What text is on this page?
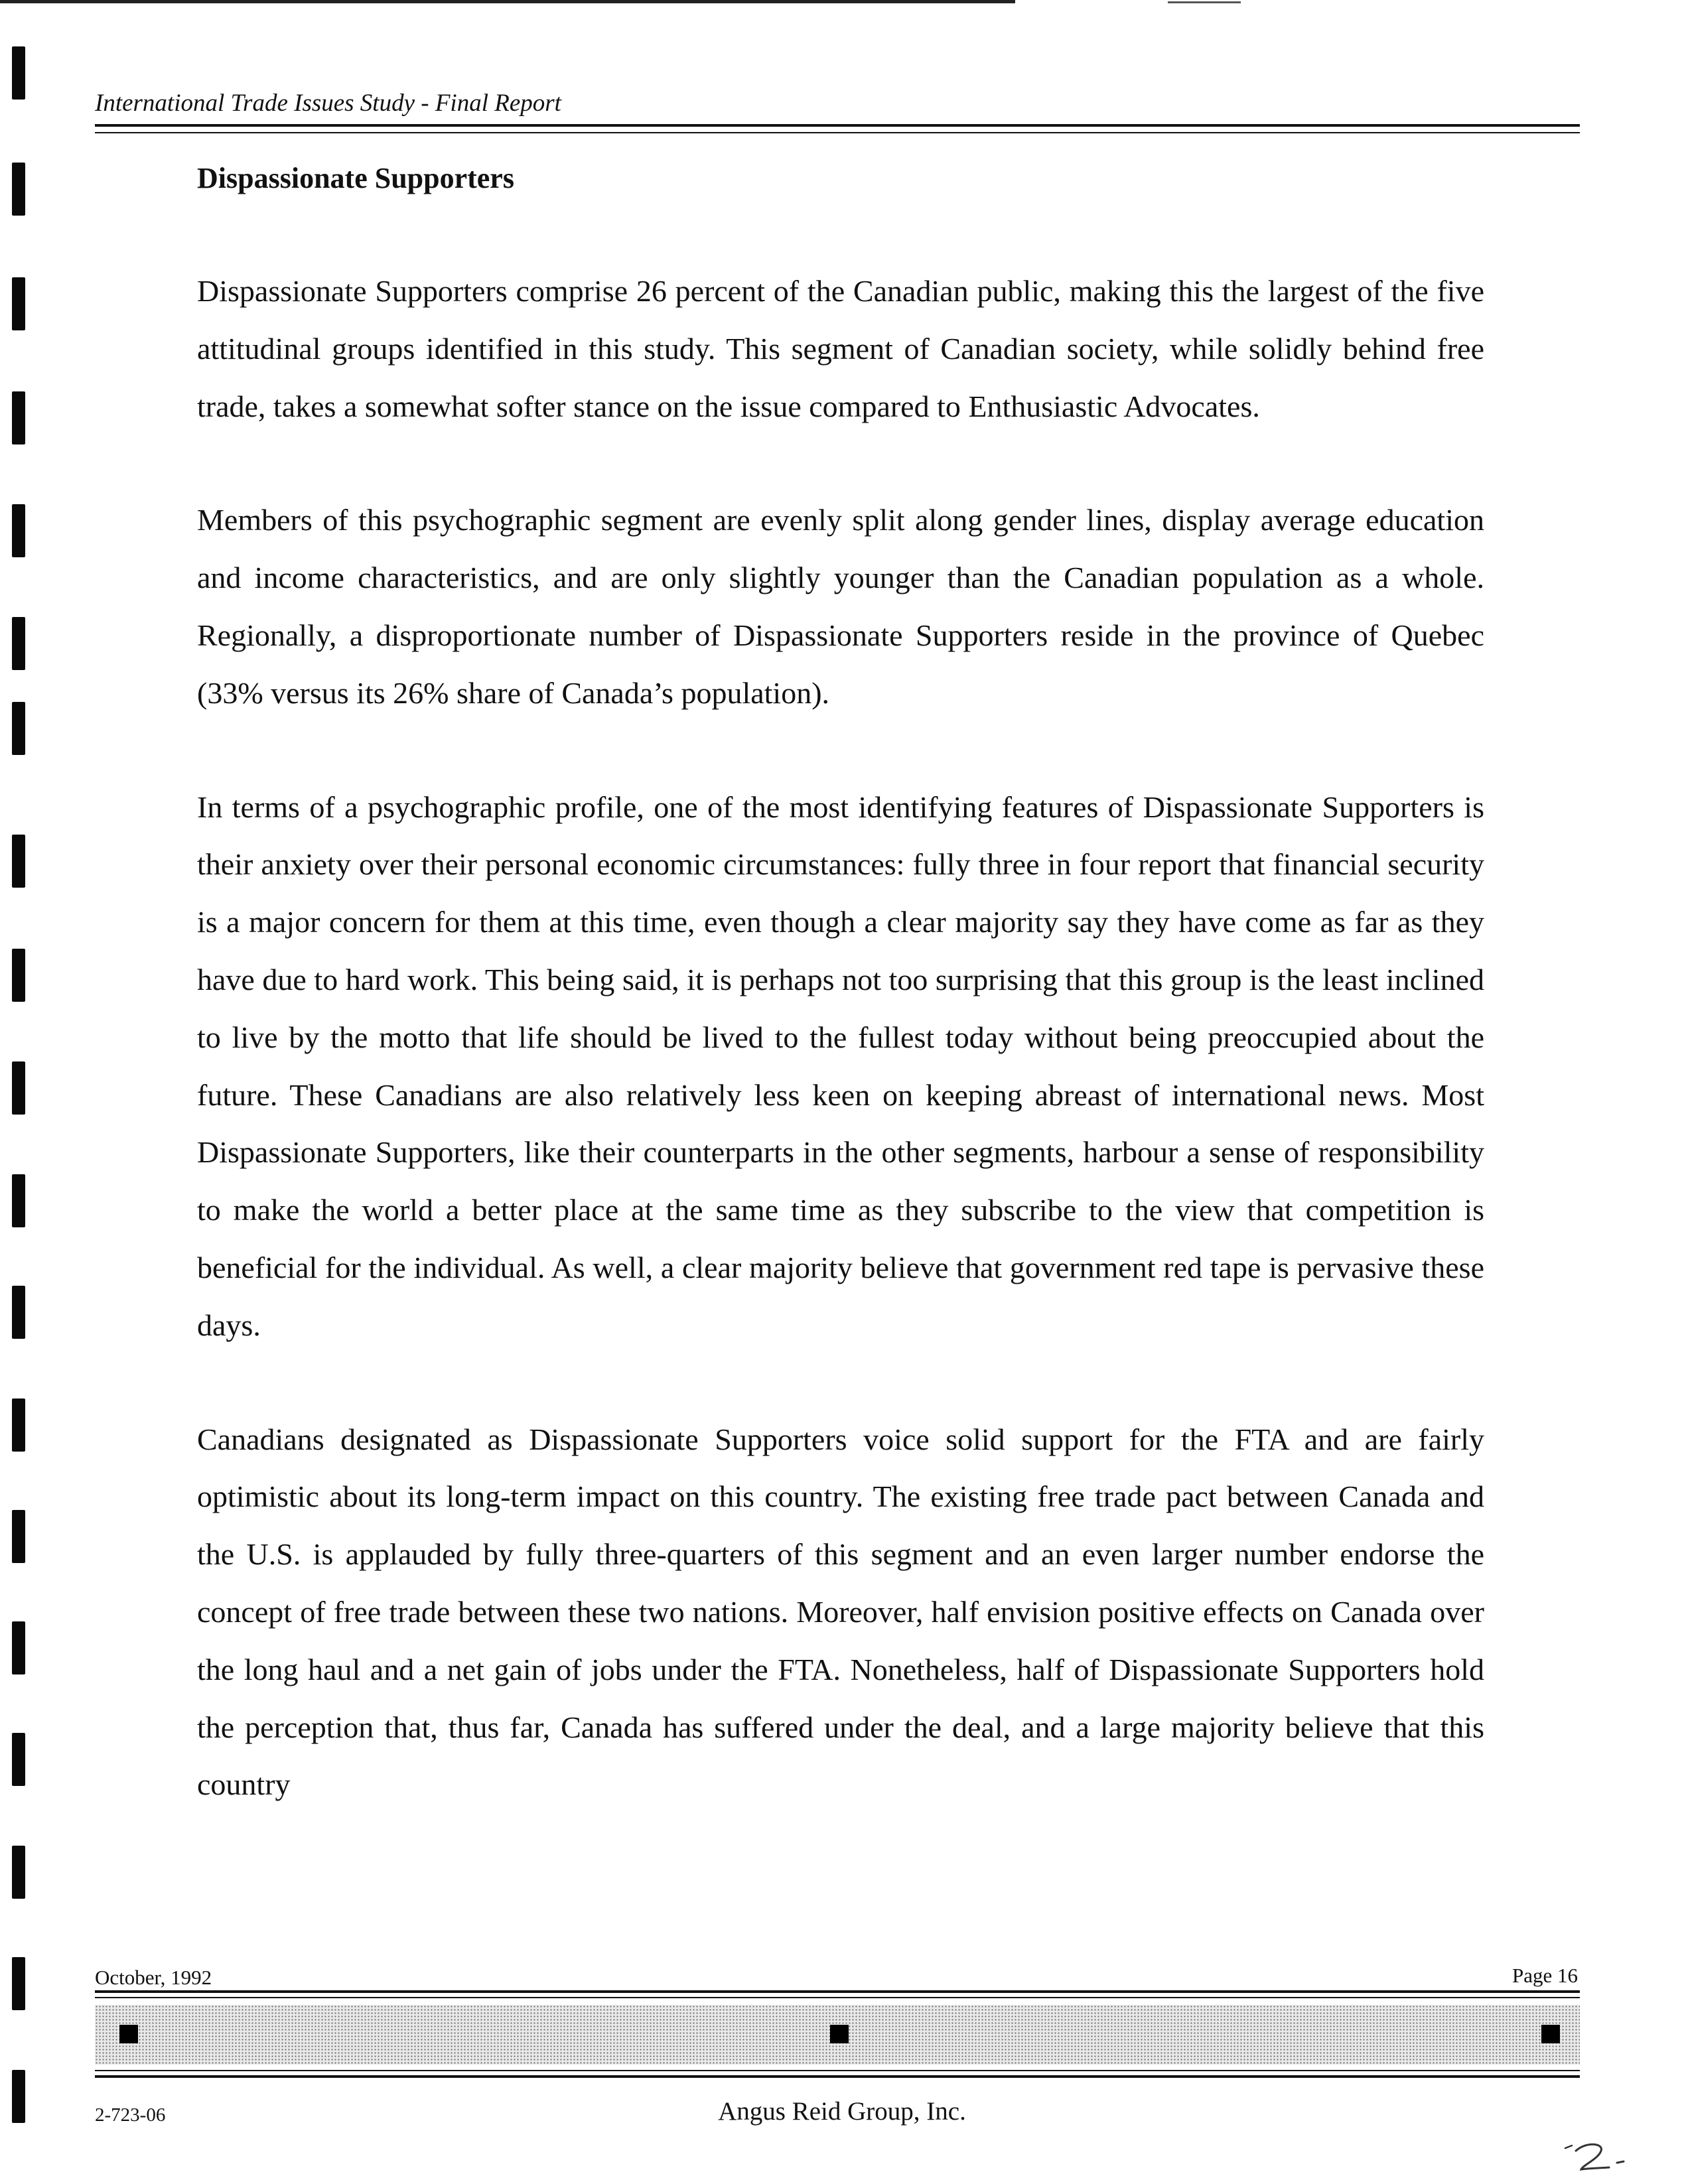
International Trade Issues Study - Final Report
Dispassionate Supporters

Dispassionate Supporters comprise 26 percent of the Canadian public, making this the largest of the five attitudinal groups identified in this study. This segment of Canadian society, while solidly behind free trade, takes a somewhat softer stance on the issue compared to Enthusiastic Advocates.

Members of this psychographic segment are evenly split along gender lines, display average education and income characteristics, and are only slightly younger than the Canadian population as a whole. Regionally, a disproportionate number of Dispassionate Supporters reside in the province of Quebec (33% versus its 26% share of Canada’s population).

In terms of a psychographic profile, one of the most identifying features of Dispassionate Supporters is their anxiety over their personal economic circumstances: fully three in four report that financial security is a major concern for them at this time, even though a clear majority say they have come as far as they have due to hard work. This being said, it is perhaps not too surprising that this group is the least inclined to live by the motto that life should be lived to the fullest today without being preoccupied about the future. These Canadians are also relatively less keen on keeping abreast of international news. Most Dispassionate Supporters, like their counterparts in the other segments, harbour a sense of responsibility to make the world a better place at the same time as they subscribe to the view that competition is beneficial for the individual. As well, a clear majority believe that government red tape is pervasive these days.

Canadians designated as Dispassionate Supporters voice solid support for the FTA and are fairly optimistic about its long-term impact on this country. The existing free trade pact between Canada and the U.S. is applauded by fully three-quarters of this segment and an even larger number endorse the concept of free trade between these two nations. Moreover, half envision positive effects on Canada over the long haul and a net gain of jobs under the FTA. Nonetheless, half of Dispassionate Supporters hold the perception that, thus far, Canada has suffered under the deal, and a large majority believe that this country

October, 1992	Page 16
2-723-06	Angus Reid Group, Inc.
